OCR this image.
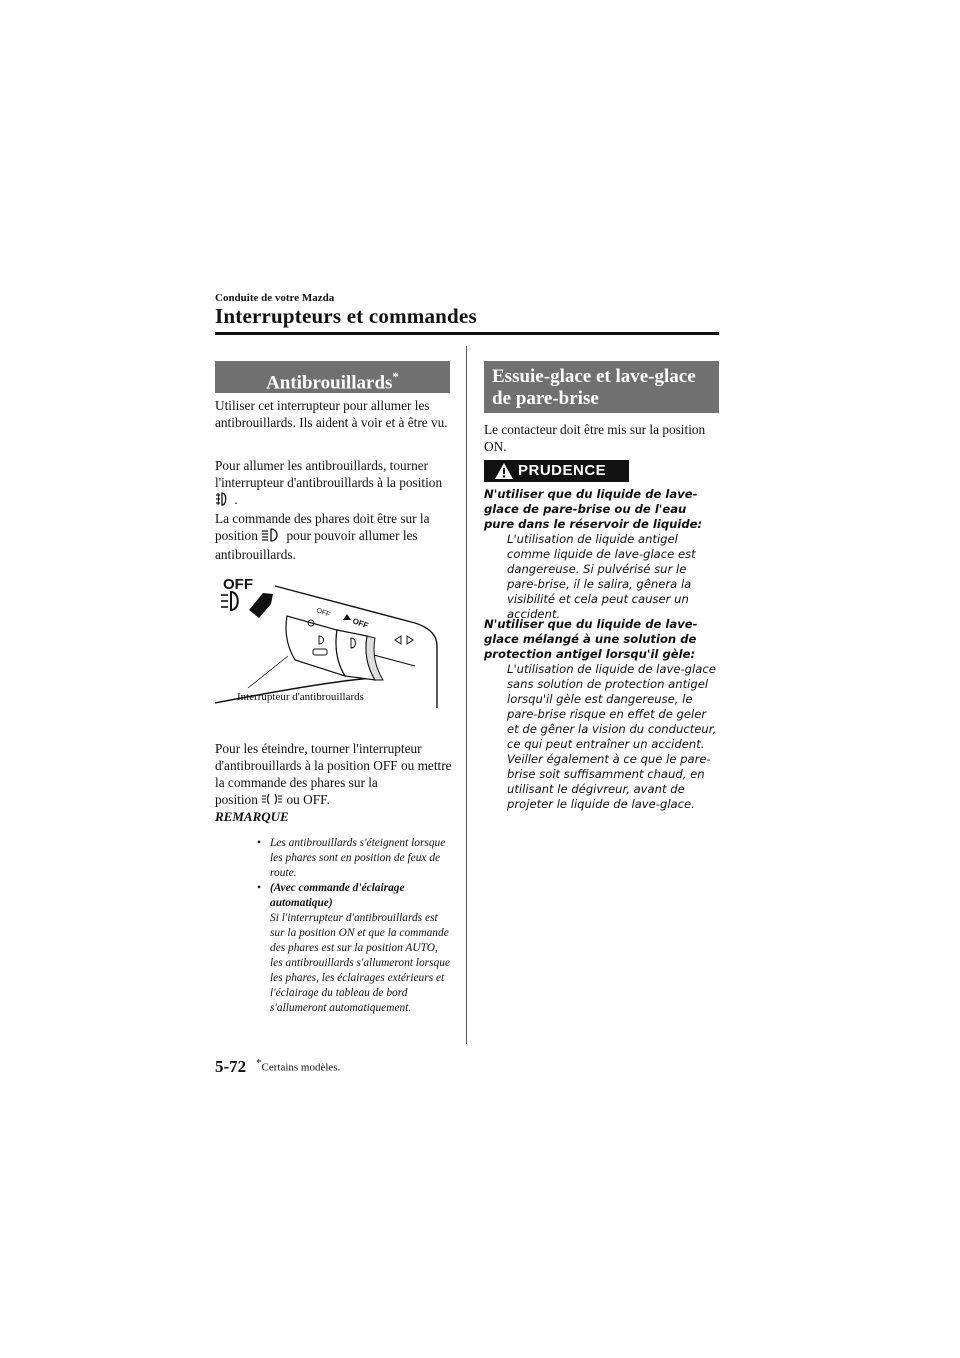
Conduite de votre Mazda
Interrupteurs et commandes
Antibrouillards*

Utiliser cet interrupteur pour allumer les antibrouillards. Ils aident à voir et à être vu.

Pour allumer les antibrouillards, tourner l'interrupteur d'antibrouillards à la position
.
La commande des phares doit être sur la
position pour pouvoir allumer les antibrouillards.

OFF
OFF
OFF
Interrupteur d'antibrouillards

Pour les éteindre, tourner l'interrupteur d'antibrouillards à la position OFF ou mettre la commande des phares sur la
position ou OFF.

REMARQUE
• Les antibrouillards s'éteignent lorsque les phares sont en position de feux de route.
• (Avec commande d'éclairage automatique)
Si l'interrupteur d'antibrouillards est sur la position ON et que la commande des phares est sur la position AUTO, les antibrouillards s'allumeront lorsque les phares, les éclairages extérieurs et l'éclairage du tableau de bord s'allumeront automatiquement.
Essuie-glace et lave-glace
de pare-brise

Le contacteur doit être mis sur la position ON.

PRUDENCE
N'utiliser que du liquide de lave-glace de pare-brise ou de l'eau pure dans le réservoir de liquide:
L'utilisation de liquide antigel comme liquide de lave-glace est dangereuse. Si pulvérisé sur le pare-brise, il le salira, gênera la visibilité et cela peut causer un accident.
N'utiliser que du liquide de lave-glace mélangé à une solution de protection antigel lorsqu'il gèle:
L'utilisation de liquide de lave-glace sans solution de protection antigel lorsqu'il gèle est dangereuse, le pare-brise risque en effet de geler et de gêner la vision du conducteur, ce qui peut entraîner un accident. Veiller également à ce que le pare-brise soit suffisamment chaud, en utilisant le dégivreur, avant de projeter le liquide de lave-glace.
5-72 *Certains modèles.
